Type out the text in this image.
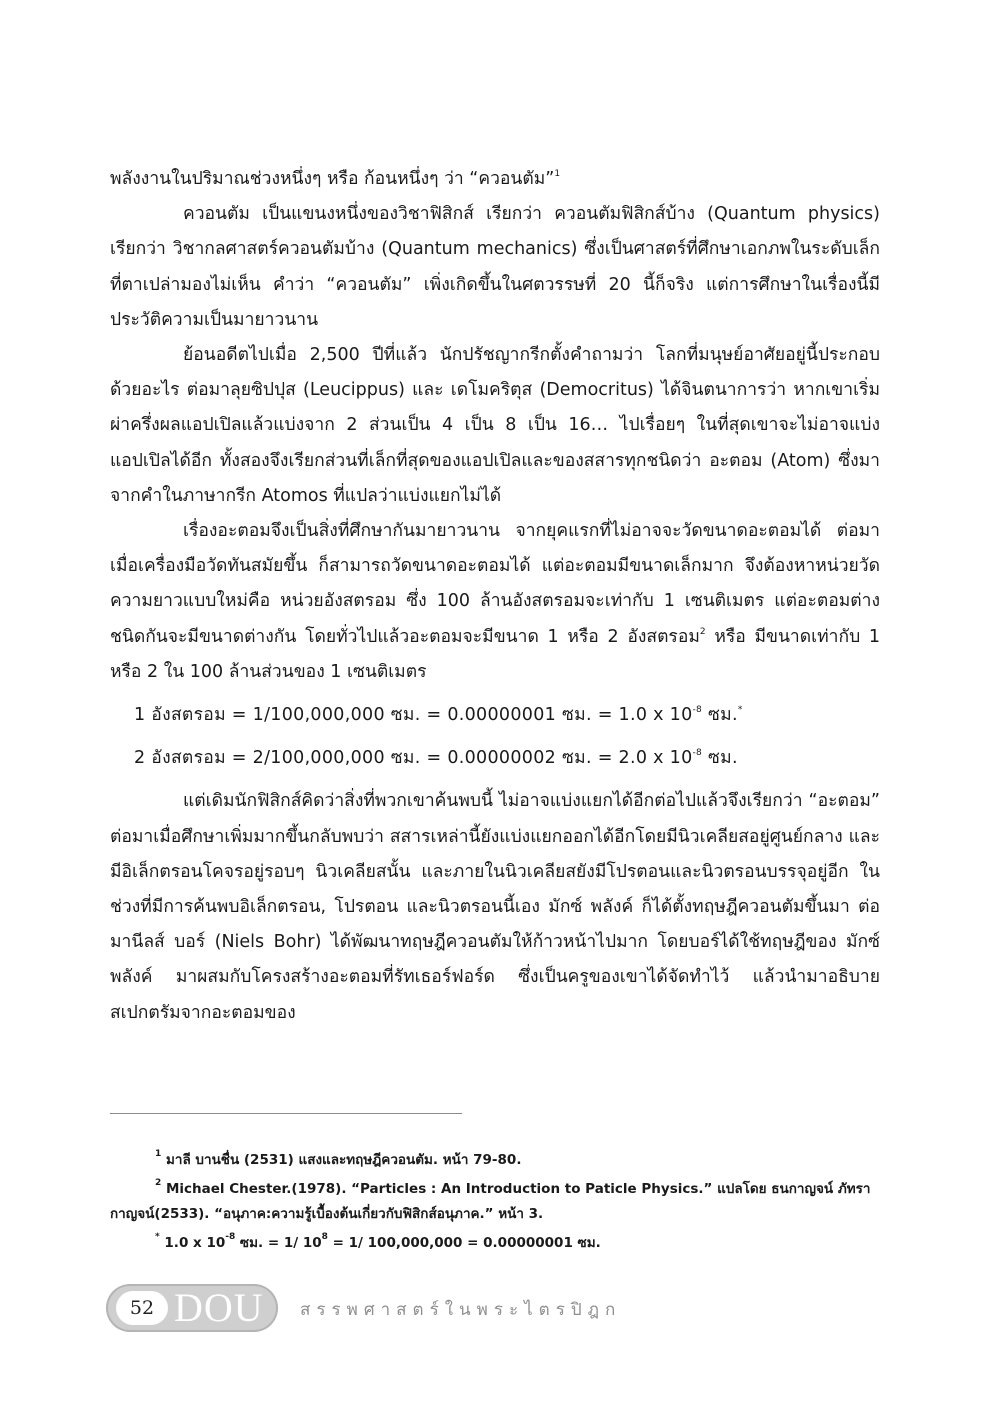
พลังงานในปริมาณช่วงหนึ่งๆ หรือ ก้อนหนึ่งๆ ว่า “ควอนตัม”$^1$

ควอนตัม เป็นแขนงหนึ่งของวิชาฟิสิกส์ เรียกว่า ควอนตัมฟิสิกส์บ้าง (Quantum physics) เรียกว่า วิชากลศาสตร์ควอนตัมบ้าง (Quantum mechanics) ซึ่งเป็นศาสตร์ที่ศึกษาเอกภพในระดับเล็กที่ตาเปล่ามองไม่เห็น คำว่า “ควอนตัม” เพิ่งเกิดขึ้นในศตวรรษที่ 20 นี้ก็จริง แต่การศึกษาในเรื่องนี้มีประวัติความเป็นมายาวนาน

ย้อนอดีตไปเมื่อ 2,500 ปีที่แล้ว นักปรัชญากรีกตั้งคำถามว่า โลกที่มนุษย์อาศัยอยู่นี้ประกอบด้วยอะไร ต่อมาลุยซิปปุส (Leucippus) และ เดโมคริตุส (Democritus) ได้จินตนาการว่า หากเขาเริ่มผ่าครึ่งผลแอปเปิลแล้วแบ่งจาก 2 ส่วนเป็น 4 เป็น 8 เป็น 16… ไปเรื่อยๆ ในที่สุดเขาจะไม่อาจแบ่งแอปเปิลได้อีก ทั้งสองจึงเรียกส่วนที่เล็กที่สุดของแอปเปิลและของสสารทุกชนิดว่า อะตอม (Atom) ซึ่งมาจากคำในภาษากรีก Atomos ที่แปลว่าแบ่งแยกไม่ได้

เรื่องอะตอมจึงเป็นสิ่งที่ศึกษากันมายาวนาน จากยุคแรกที่ไม่อาจจะวัดขนาดอะตอมได้ ต่อมาเมื่อเครื่องมือวัดทันสมัยขึ้น ก็สามารถวัดขนาดอะตอมได้ แต่อะตอมมีขนาดเล็กมาก จึงต้องหาหน่วยวัดความยาวแบบใหม่คือ หน่วยอังสตรอม ซึ่ง 100 ล้านอังสตรอมจะเท่ากับ 1 เซนติเมตร แต่อะตอมต่างชนิดกันจะมีขนาดต่างกัน โดยทั่วไปแล้วอะตอมจะมีขนาด 1 หรือ 2 อังสตรอม$^2$ หรือ มีขนาดเท่ากับ 1 หรือ 2 ใน 100 ล้านส่วนของ 1 เซนติเมตร

1 อังสตรอม = 1/100,000,000 ซม. = 0.00000001 ซม. = 1.0 x $10^{-8}$ ซม.*

2 อังสตรอม = 2/100,000,000 ซม. = 0.00000002 ซม. = 2.0 x $10^{-8}$ ซม.

แต่เดิมนักฟิสิกส์คิดว่าสิ่งที่พวกเขาค้นพบนี้ ไม่อาจแบ่งแยกได้อีกต่อไปแล้วจึงเรียกว่า “อะตอม” ต่อมาเมื่อศึกษาเพิ่มมากขึ้นกลับพบว่า สสารเหล่านี้ยังแบ่งแยกออกได้อีกโดยมีนิวเคลียสอยู่ศูนย์กลาง และมีอิเล็กตรอนโคจรอยู่รอบๆ นิวเคลียสนั้น และภายในนิวเคลียสยังมีโปรตอนและนิวตรอนบรรจุอยู่อีก ในช่วงที่มีการค้นพบอิเล็กตรอน, โปรตอน และนิวตรอนนี้เอง มักซ์ พลังค์ ก็ได้ตั้งทฤษฎีควอนตัมขึ้นมา ต่อมานีลส์ บอร์ (Niels Bohr) ได้พัฒนาทฤษฎีควอนตัมให้ก้าวหน้าไปมาก โดยบอร์ได้ใช้ทฤษฎีของ มักซ์ พลังค์ มาผสมกับโครงสร้างอะตอมที่รัทเธอร์ฟอร์ด ซึ่งเป็นครูของเขาได้จัดทำไว้ แล้วนำมาอธิบายสเปกตรัมจากอะตอมของ

$^1$ มาลี บานชื่น (2531) แสงและทฤษฎีควอนตัม. หน้า 79-80.

$^2$ Michael Chester.(1978). “Particles : An Introduction to Paticle Physics.” แปลโดย ธนกาญจน์ ภัทรากาญจน์(2533). “อนุภาค:ความรู้เบื้องต้นเกี่ยวกับฟิสิกส์อนุภาค.” หน้า 3.

* 1.0 x $10^{-8}$ ซม. = 1/ $10^8 = 1/$ 100,000,000 = 0.00000001 ซม.

52 DOU สรรพศาสตร์ในพระไตรปิฎก
